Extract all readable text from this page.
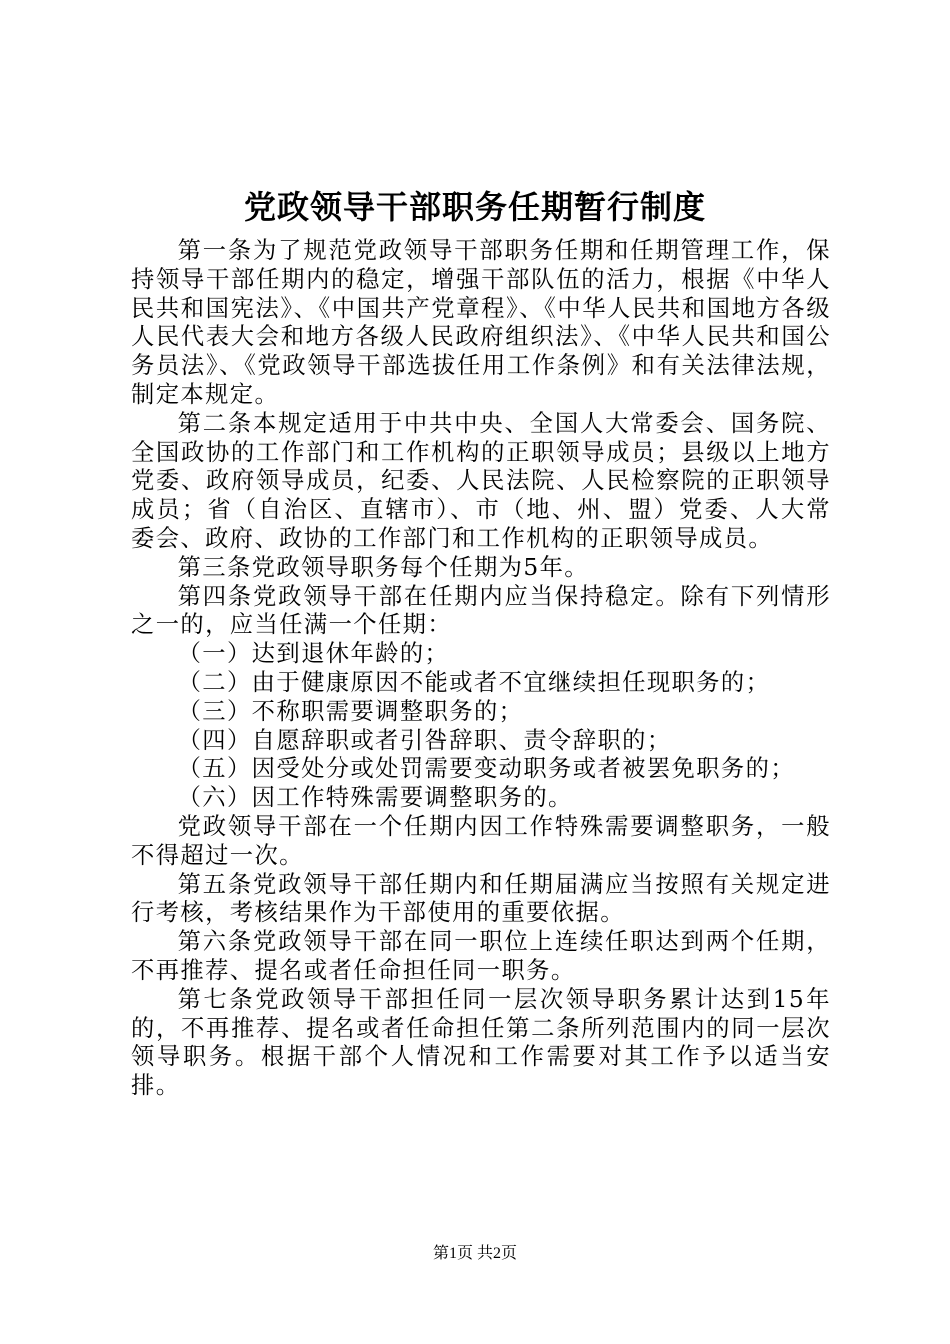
党政领导干部职务任期暂行制度

第一条为了规范党政领导干部职务任期和任期管理工作，保持领导干部任期内的稳定，增强干部队伍的活力，根据《中华人民共和国宪法》、《中国共产党章程》、《中华人民共和国地方各级人民代表大会和地方各级人民政府组织法》、《中华人民共和国公务员法》、《党政领导干部选拔任用工作条例》和有关法律法规，制定本规定。

第二条本规定适用于中共中央、全国人大常委会、国务院、全国政协的工作部门和工作机构的正职领导成员；县级以上地方党委、政府领导成员，纪委、人民法院、人民检察院的正职领导成员；省（自治区、直辖市）、市（地、州、盟）党委、人大常委会、政府、政协的工作部门和工作机构的正职领导成员。

第三条党政领导职务每个任期为5年。

第四条党政领导干部在任期内应当保持稳定。除有下列情形之一的，应当任满一个任期：

（一）达到退休年龄的；

（二）由于健康原因不能或者不宜继续担任现职务的；

（三）不称职需要调整职务的；

（四）自愿辞职或者引咎辞职、责令辞职的；

（五）因受处分或处罚需要变动职务或者被罢免职务的；

（六）因工作特殊需要调整职务的。

党政领导干部在一个任期内因工作特殊需要调整职务，一般不得超过一次。

第五条党政领导干部任期内和任期届满应当按照有关规定进行考核，考核结果作为干部使用的重要依据。

第六条党政领导干部在同一职位上连续任职达到两个任期，不再推荐、提名或者任命担任同一职务。

第七条党政领导干部担任同一层次领导职务累计达到15年的，不再推荐、提名或者任命担任第二条所列范围内的同一层次领导职务。根据干部个人情况和工作需要对其工作予以适当安排。

第1页 共2页
